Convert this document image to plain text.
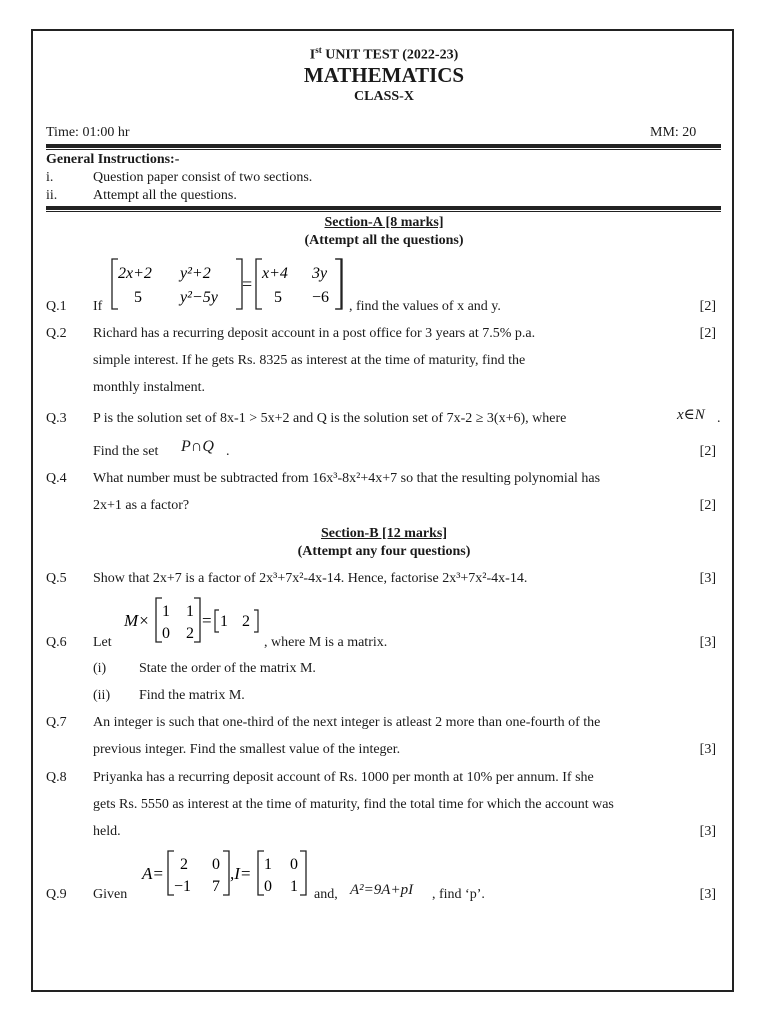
Ist UNIT TEST (2022-23)
MATHEMATICS
CLASS-X
Time: 01:00 hr	MM: 20
General Instructions:-
i.	Question paper consist of two sections.
ii.	Attempt all the questions.
Section-A [8 marks]
(Attempt all the questions)
Q.1 If
2x+2 y²+2
5 y²−5y
=
x+4 3y
5 −6
, find the values of x and y.	[2]
Q.2 Richard has a recurring deposit account in a post office for 3 years at 7.5% p.a.	[2]
simple interest. If he gets Rs. 8325 as interest at the time of maturity, find the
monthly instalment.
Q.3 P is the solution set of 8x-1 > 5x+2 and Q is the solution set of 7x-2 ≥ 3(x+6), where	x∈N .
Find the set P∩Q .	[2]
Q.4 What number must be subtracted from 16x³-8x²+4x+7 so that the resulting polynomial has
2x+1 as a factor?	[2]
Section-B [12 marks]
(Attempt any four questions)
Q.5 Show that 2x+7 is a factor of 2x³+7x²-4x-14. Hence, factorise 2x³+7x²-4x-14.	[3]
Q.6 Let
M× 1 1
0 2
= 1 2
, where M is a matrix.	[3]
(i) State the order of the matrix M.
(ii) Find the matrix M.
Q.7 An integer is such that one-third of the next integer is atleast 2 more than one-fourth of the
previous integer. Find the smallest value of the integer.	[3]
Q.8 Priyanka has a recurring deposit account of Rs. 1000 per month at 10% per annum. If she
gets Rs. 5550 as interest at the time of maturity, find the total time for which the account was
held.	[3]
Q.9 Given
A= 2 0
−1 7
,I= 1 0
0 1 and, A²=9A+pI , find ‘p’.	[3]
